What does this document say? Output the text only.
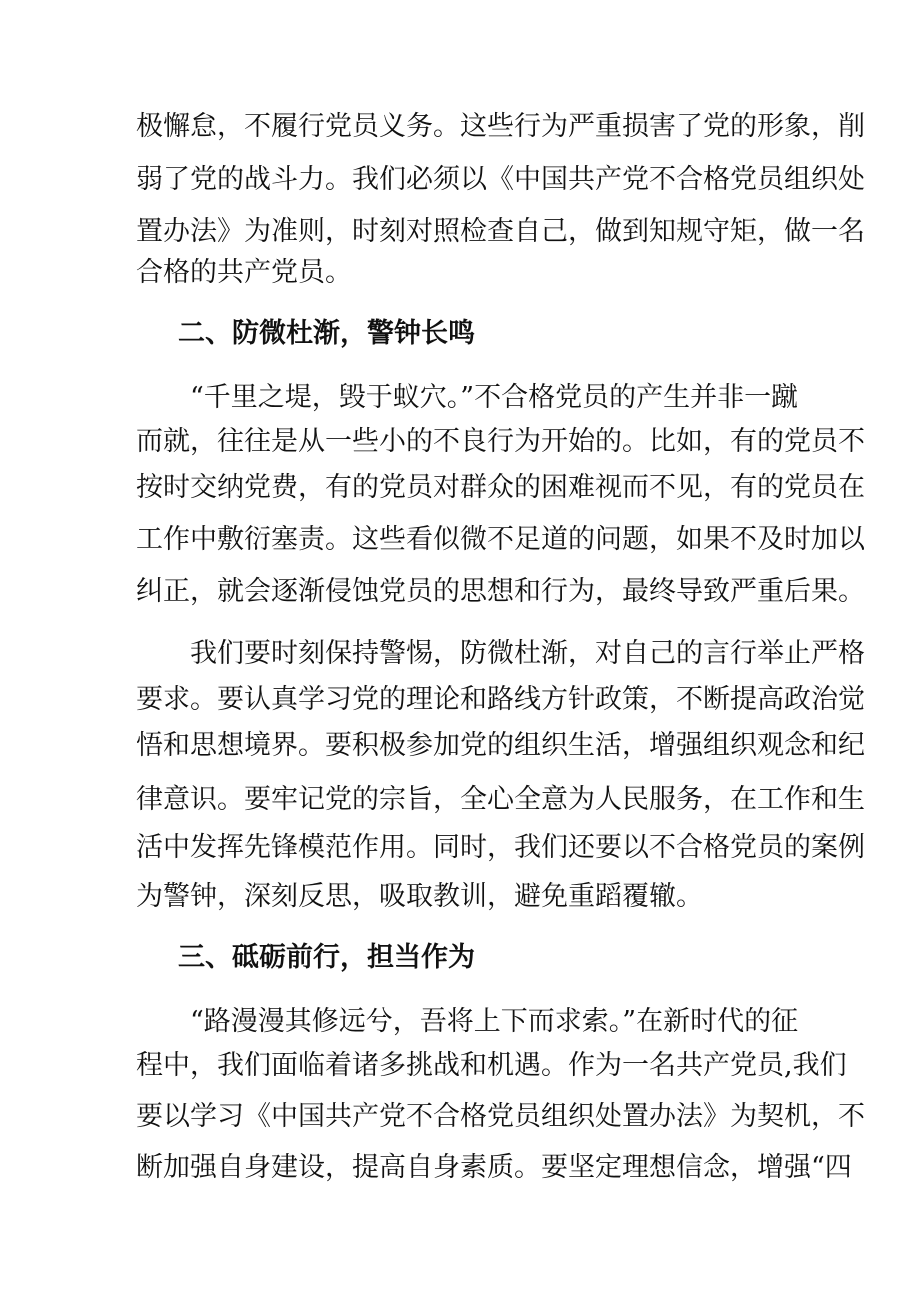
极懈怠，不履行党员义务。这些行为严重损害了党的形象，削
弱了党的战斗力。我们必须以《中国共产党不合格党员组织处
置办法》为准则，时刻对照检查自己，做到知规守矩，做一名
合格的共产党员。
二、防微杜渐，警钟长鸣
“千里之堤，毁于蚁穴。”不合格党员的产生并非一蹴
而就，往往是从一些小的不良行为开始的。比如，有的党员不
按时交纳党费，有的党员对群众的困难视而不见，有的党员在
工作中敷衍塞责。这些看似微不足道的问题，如果不及时加以
纠正，就会逐渐侵蚀党员的思想和行为，最终导致严重后果。
我们要时刻保持警惕，防微杜渐，对自己的言行举止严格
要求。要认真学习党的理论和路线方针政策，不断提高政治觉
悟和思想境界。要积极参加党的组织生活，增强组织观念和纪
律意识。要牢记党的宗旨，全心全意为人民服务，在工作和生
活中发挥先锋模范作用。同时，我们还要以不合格党员的案例
为警钟，深刻反思，吸取教训，避免重蹈覆辙。
三、砥砺前行，担当作为
“路漫漫其修远兮，吾将上下而求索。”在新时代的征
程中，我们面临着诸多挑战和机遇。作为一名共产党员,我们
要以学习《中国共产党不合格党员组织处置办法》为契机，不
断加强自身建设，提高自身素质。要坚定理想信念，增强“四
